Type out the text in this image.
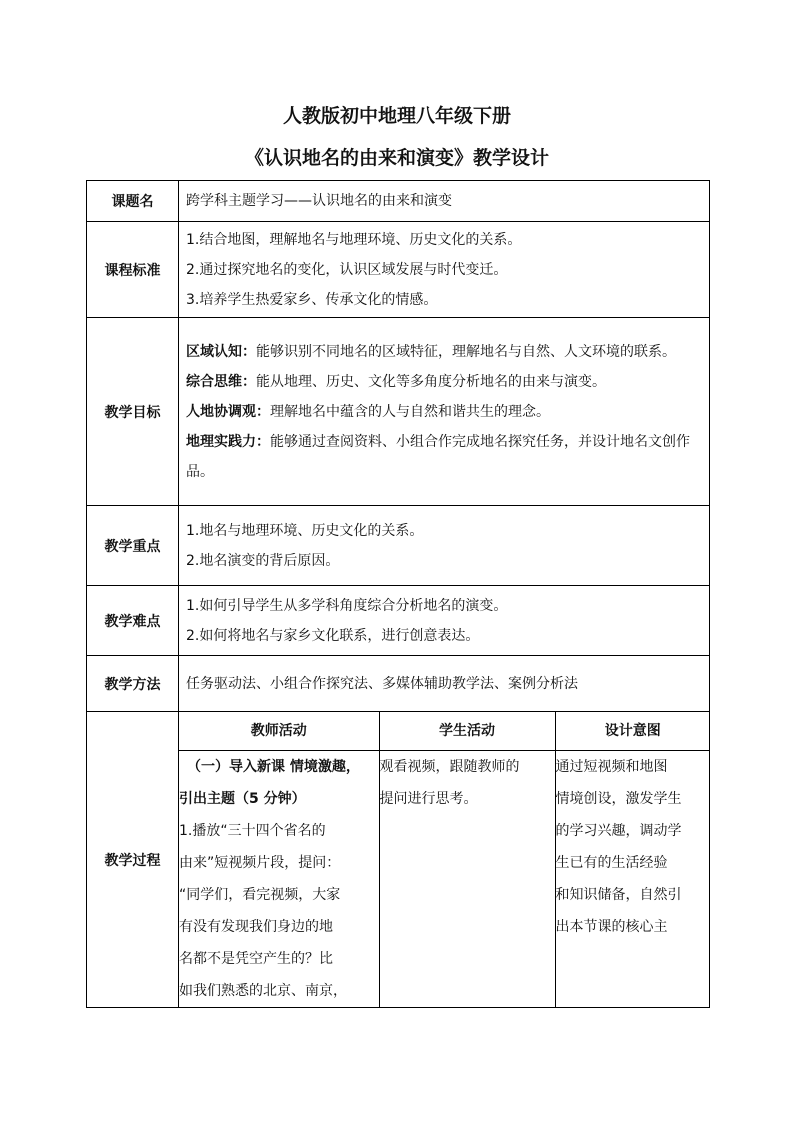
人教版初中地理八年级下册
《认识地名的由来和演变》教学设计
课题名	跨学科主题学习——认识地名的由来和演变
课程标准	
1.结合地图，理解地名与地理环境、历史文化的关系。
2.通过探究地名的变化，认识区域发展与时代变迁。
3.培养学生热爱家乡、传承文化的情感。

教学目标	
区域认知：能够识别不同地名的区域特征，理解地名与自然、人文环境的联系。
综合思维：能从地理、历史、文化等多角度分析地名的由来与演变。
人地协调观：理解地名中蕴含的人与自然和谐共生的理念。
地理实践力：能够通过查阅资料、小组合作完成地名探究任务，并设计地名文创作品。

教学重点	
1.地名与地理环境、历史文化的关系。
2.地名演变的背后原因。

教学难点	
1.如何引导学生从多学科角度综合分析地名的演变。
2.如何将地名与家乡文化联系，进行创意表达。

教学方法	任务驱动法、小组合作探究法、多媒体辅助教学法、案例分析法
教学过程	
教师活动	学生活动	设计意图

（一）导入新课 情境激趣，
引出主题（5 分钟）
1.播放“三十四个省名的
由来”短视频片段，提问：
“同学们，看完视频，大家
有没有发现我们身边的地
名都不是凭空产生的？比
如我们熟悉的北京、南京，

观看视频，跟随教师的
提问进行思考。

通过短视频和地图
情境创设，激发学生
的学习兴趣，调动学
生已有的生活经验
和知识储备，自然引
出本节课的核心主
